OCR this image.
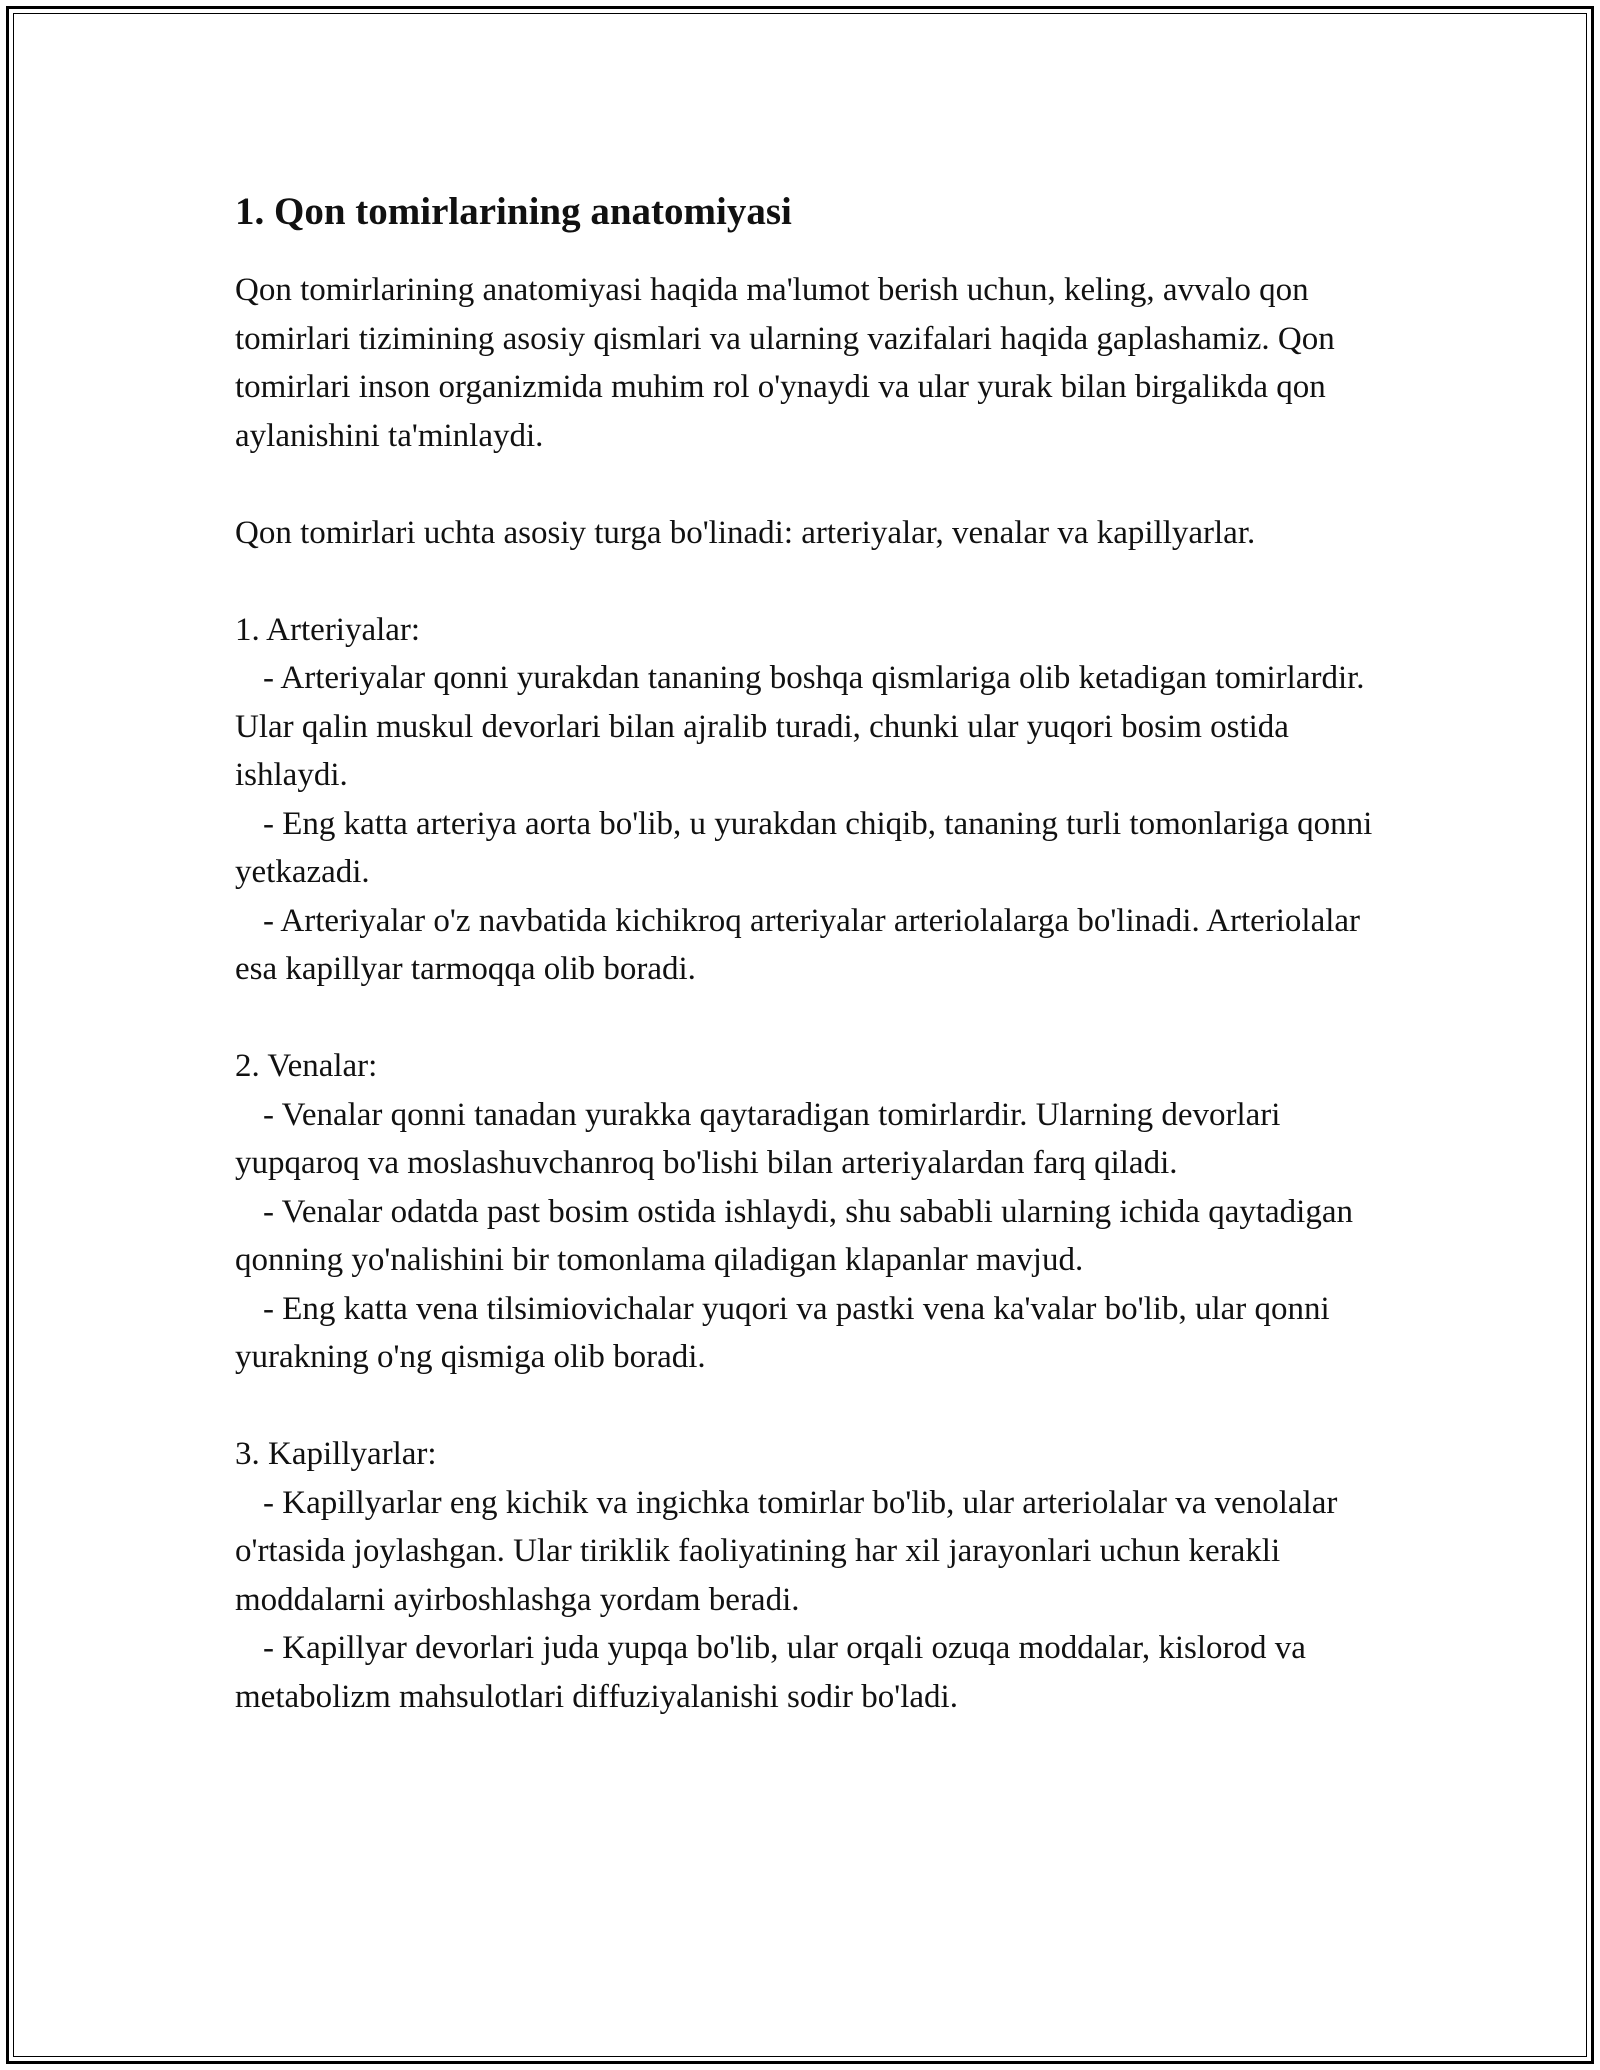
1. Qon tomirlarining anatomiyasi

Qon tomirlarining anatomiyasi haqida ma'lumot berish uchun, keling, avvalo qon tomirlari tizimining asosiy qismlari va ularning vazifalari haqida gaplashamiz. Qon tomirlari inson organizmida muhim rol o'ynaydi va ular yurak bilan birgalikda qon aylanishini ta'minlaydi.

Qon tomirlari uchta asosiy turga bo'linadi: arteriyalar, venalar va kapillyarlar.

1. Arteriyalar:

- Arteriyalar qonni yurakdan tananing boshqa qismlariga olib ketadigan tomirlardir. Ular qalin muskul devorlari bilan ajralib turadi, chunki ular yuqori bosim ostida ishlaydi.

- Eng katta arteriya aorta bo'lib, u yurakdan chiqib, tananing turli tomonlariga qonni yetkazadi.

- Arteriyalar o'z navbatida kichikroq arteriyalar arteriolalarga bo'linadi. Arteriolalar esa kapillyar tarmoqqa olib boradi.

2. Venalar:

- Venalar qonni tanadan yurakka qaytaradigan tomirlardir. Ularning devorlari yupqaroq va moslashuvchanroq bo'lishi bilan arteriyalardan farq qiladi.

- Venalar odatda past bosim ostida ishlaydi, shu sababli ularning ichida qaytadigan qonning yo'nalishini bir tomonlama qiladigan klapanlar mavjud.

- Eng katta vena tilsimiovichalar yuqori va pastki vena ka'valar bo'lib, ular qonni yurakning o'ng qismiga olib boradi.

3. Kapillyarlar:

- Kapillyarlar eng kichik va ingichka tomirlar bo'lib, ular arteriolalar va venolalar o'rtasida joylashgan. Ular tiriklik faoliyatining har xil jarayonlari uchun kerakli moddalarni ayirboshlashga yordam beradi.

- Kapillyar devorlari juda yupqa bo'lib, ular orqali ozuqa moddalar, kislorod va metabolizm mahsulotlari diffuziyalanishi sodir bo'ladi.
